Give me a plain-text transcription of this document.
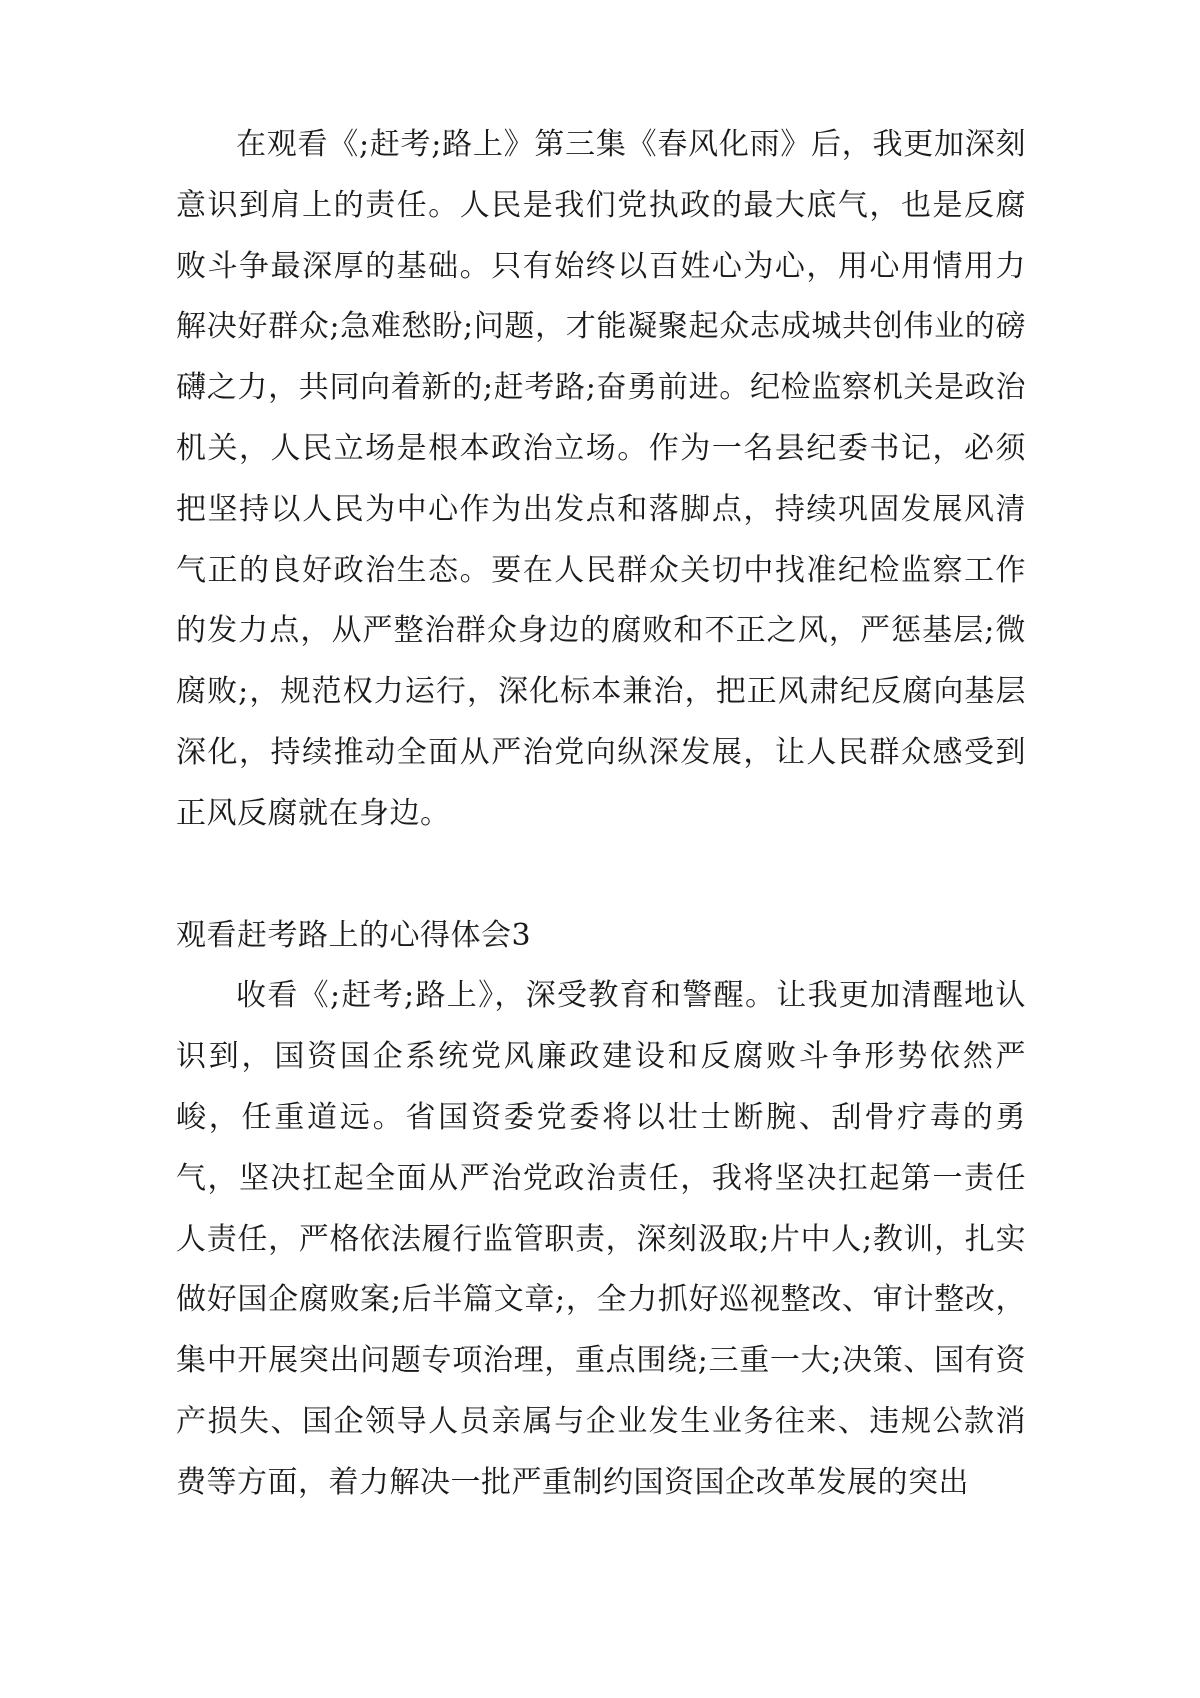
在观看《;赶考;路上》第三集《春风化雨》后，我更加深刻意识到肩上的责任。人民是我们党执政的最大底气，也是反腐败斗争最深厚的基础。只有始终以百姓心为心，用心用情用力解决好群众;急难愁盼;问题，才能凝聚起众志成城共创伟业的磅礴之力，共同向着新的;赶考路;奋勇前进。纪检监察机关是政治机关，人民立场是根本政治立场。作为一名县纪委书记，必须把坚持以人民为中心作为出发点和落脚点，持续巩固发展风清气正的良好政治生态。要在人民群众关切中找准纪检监察工作的发力点，从严整治群众身边的腐败和不正之风，严惩基层;微腐败;，规范权力运行，深化标本兼治，把正风肃纪反腐向基层深化，持续推动全面从严治党向纵深发展，让人民群众感受到正风反腐就在身边。

观看赶考路上的心得体会3

收看《;赶考;路上》，深受教育和警醒。让我更加清醒地认识到，国资国企系统党风廉政建设和反腐败斗争形势依然严峻，任重道远。省国资委党委将以壮士断腕、刮骨疗毒的勇气，坚决扛起全面从严治党政治责任，我将坚决扛起第一责任人责任，严格依法履行监管职责，深刻汲取;片中人;教训，扎实做好国企腐败案;后半篇文章;，全力抓好巡视整改、审计整改，集中开展突出问题专项治理，重点围绕;三重一大;决策、国有资产损失、国企领导人员亲属与企业发生业务往来、违规公款消费等方面，着力解决一批严重制约国资国企改革发展的突出
